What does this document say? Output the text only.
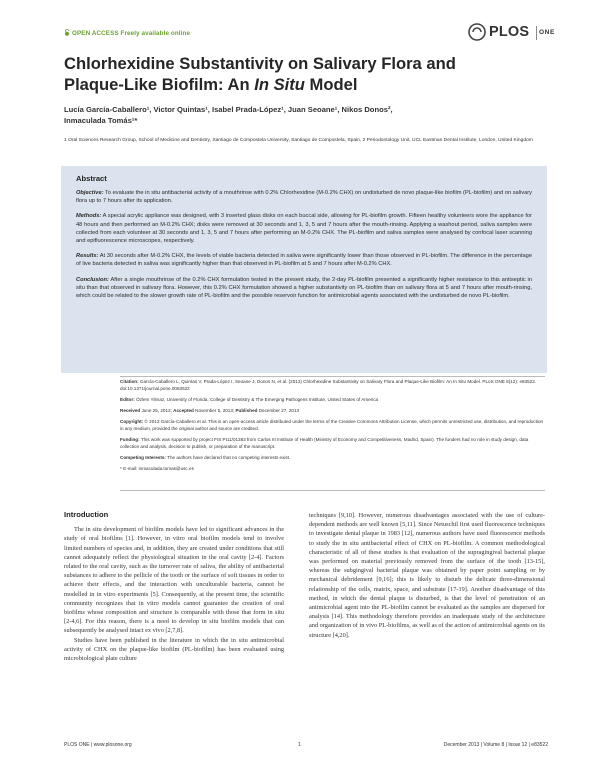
OPEN ACCESS Freely available online	PLOS ONE
Chlorhexidine Substantivity on Salivary Flora and
Plaque-Like Biofilm: An In Situ Model
Lucía García-Caballero¹, Victor Quintas¹, Isabel Prada-López¹, Juan Seoane¹, Nikos Donos²,
Inmaculada Tomás¹*
1 Oral Sciences Research Group, School of Medicine and Dentistry, Santiago de Compostela University, Santiago de Compostela, Spain, 2 Periodontology Unit, UCL Eastman Dental Institute, London, United Kingdom
Abstract

Objective: To evaluate the in situ antibacterial activity of a mouthrinse with 0.2% Chlorhexidine (M-0.2% CHX) on undisturbed de novo plaque-like biofilm (PL-biofilm) and on salivary flora up to 7 hours after its application.

Methods: A special acrylic appliance was designed, with 3 inserted glass disks on each buccal side, allowing for PL-biofilm growth. Fifteen healthy volunteers wore the appliance for 48 hours and then performed an M-0.2% CHX; disks were removed at 30 seconds and 1, 3, 5 and 7 hours after the mouth-rinsing. Applying a washout period, saliva samples were collected from each volunteer at 30 seconds and 1, 3, 5 and 7 hours after performing an M-0.2% CHX. The PL-biofilm and saliva samples were analysed by confocal laser scanning and epifluorescence microscopes, respectively.

Results: At 30 seconds after M-0.2% CHX, the levels of viable bacteria detected in saliva were significantly lower than those observed in PL-biofilm. The difference in the percentage of live bacteria detected in saliva was significantly higher than that observed in PL-biofilm at 5 and 7 hours after M-0.2% CHX.

Conclusion: After a single mouthrinse of the 0.2% CHX formulation tested in the present study, the 2-day PL-biofilm presented a significantly higher resistance to this antiseptic in situ than that observed in salivary flora. However, this 0.2% CHX formulation showed a higher substantivity on PL-biofilm than on salivary flora at 5 and 7 hours after mouth-rinsing, which could be related to the slower growth rate of PL-biofilm and the possible reservoir function for antimicrobial agents associated with the undisturbed de novo PL-biofilm.

Citation: García-Caballero L, Quintas V, Prada-López I, Seoane J, Donos N, et al. (2013) Chlorhexidine Substantivity on Salivary Flora and Plaque-Like Biofilm: An In Situ Model. PLoS ONE 8(12): e83522. doi:10.1371/journal.pone.0083522

Editor: Özlem Yilmaz, University of Florida, College of Dentistry & The Emerging Pathogens Institute, United States of America

Received June 25, 2013; Accepted November 5, 2013; Published December 27, 2013

Copyright: © 2013 García-Caballero et al. This is an open-access article distributed under the terms of the Creative Commons Attribution License, which permits unrestricted use, distribution, and reproduction in any medium, provided the original author and source are credited.

Funding: This work was supported by project FIS PI11/01383 from Carlos III Institute of Health (Ministry of Economy and Competitiveness, Madrid, Spain). The funders had no role in study design, data collection and analysis, decision to publish, or preparation of the manuscript.

Competing Interests: The authors have declared that no competing interests exist.

* E-mail: inmaculada.tomas@usc.es

Introduction

The in situ development of biofilm models have led to significant advances in the study of oral biofilms [1]. However, in vitro oral biofilm models tend to involve limited numbers of species and, in addition, they are created under conditions that still cannot adequately reflect the physiological situation in the oral cavity [2-4]. Factors related to the oral cavity, such as the turnover rate of saliva, the ability of antibacterial substances to adhere to the pellicle of the tooth or the surface of soft tissues in order to achieve their effects, and the interaction with unculturable bacteria, cannot be modelled in in vitro experiments [5]. Consequently, at the present time, the scientific community recognizes that in vitro models cannot guarantee the creation of oral biofilms whose composition and structure is comparable with those that form in situ [2-4,6]. For this reason, there is a need to develop in situ biofilm models that can subsequently be analysed intact ex vivo [2,7,8].

Studies have been published in the literature in which the in situ antimicrobial activity of CHX on the plaque-like biofilm (PL-biofilm) has been evaluated using microbiological plate culture

techniques [9,10]. However, numerous disadvantages associated with the use of culture-dependent methods are well known [5,11]. Since Netuschil first used fluorescence techniques to investigate dental plaque in 1983 [12], numerous authors have used fluorescence methods to study the in situ antibacterial effect of CHX on PL-biofilm. A common methodological characteristic of all of these studies is that evaluation of the supragingival bacterial plaque was performed on material previously removed from the surface of the tooth [13-15], whereas the subgingival bacterial plaque was obtained by paper point sampling or by mechanical debridement [9,16]; this is likely to disturb the delicate three-dimensional relationship of the cells, matrix, space, and substrate [17-19]. Another disadvantage of this method, in which the dental plaque is disturbed, is that the level of penetration of an antimicrobial agent into the PL-biofilm cannot be evaluated as the samples are dispersed for analysis [14]. This methodology therefore provides an inadequate study of the architecture and organization of in vivo PL-biofilms, as well as of the action of antimicrobial agents on its structure [4,20].
PLOS ONE | www.plosone.org	1	December 2013 | Volume 8 | Issue 12 | e83522
